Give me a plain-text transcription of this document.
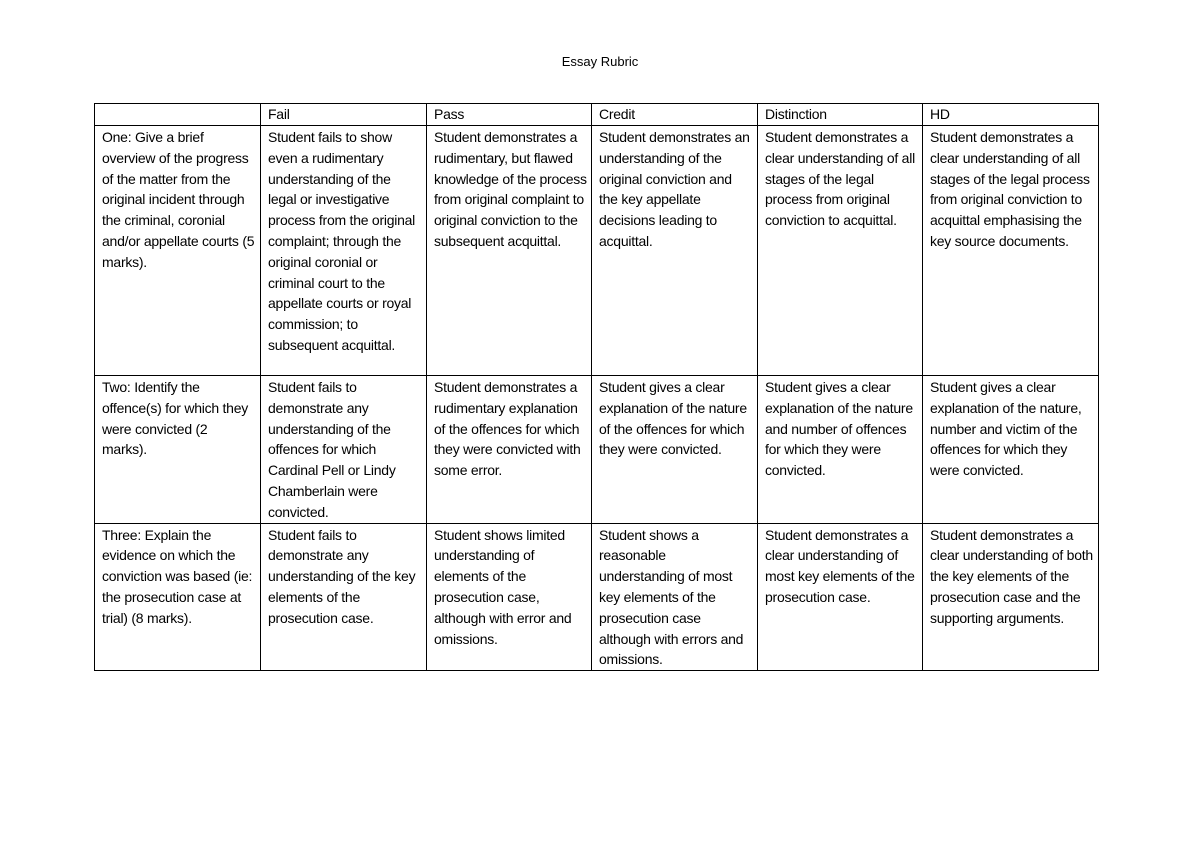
Essay Rubric
	Fail	Pass	Credit	Distinction	HD
One: Give a brief overview of the progress of the matter from the original incident through the criminal, coronial and/or appellate courts (5 marks).	Student fails to show even a rudimentary understanding of the legal or investigative process from the original complaint; through the original coronial or criminal court to the appellate courts or royal commission; to subsequent acquittal.	Student demonstrates a rudimentary, but flawed knowledge of the process from original complaint to original conviction to the subsequent acquittal.	Student demonstrates an understanding of the original conviction and the key appellate decisions leading to acquittal.	Student demonstrates a clear understanding of all stages of the legal process from original conviction to acquittal.	Student demonstrates a clear understanding of all stages of the legal process from original conviction to acquittal emphasising the key source documents.
Two: Identify the offence(s) for which they were convicted (2 marks).	Student fails to demonstrate any understanding of the offences for which Cardinal Pell or Lindy Chamberlain were convicted.	Student demonstrates a rudimentary explanation of the offences for which they were convicted with some error.	Student gives a clear explanation of the nature of the offences for which they were convicted.	Student gives a clear explanation of the nature and number of offences for which they were convicted.	Student gives a clear explanation of the nature, number and victim of the offences for which they were convicted.
Three: Explain the evidence on which the conviction was based (ie: the prosecution case at trial) (8 marks).	Student fails to demonstrate any understanding of the key elements of the prosecution case.	Student shows limited understanding of elements of the prosecution case, although with error and omissions.	Student shows a reasonable understanding of most key elements of the prosecution case although with errors and omissions.	Student demonstrates a clear understanding of most key elements of the prosecution case.	Student demonstrates a clear understanding of both the key elements of the prosecution case and the supporting arguments.
